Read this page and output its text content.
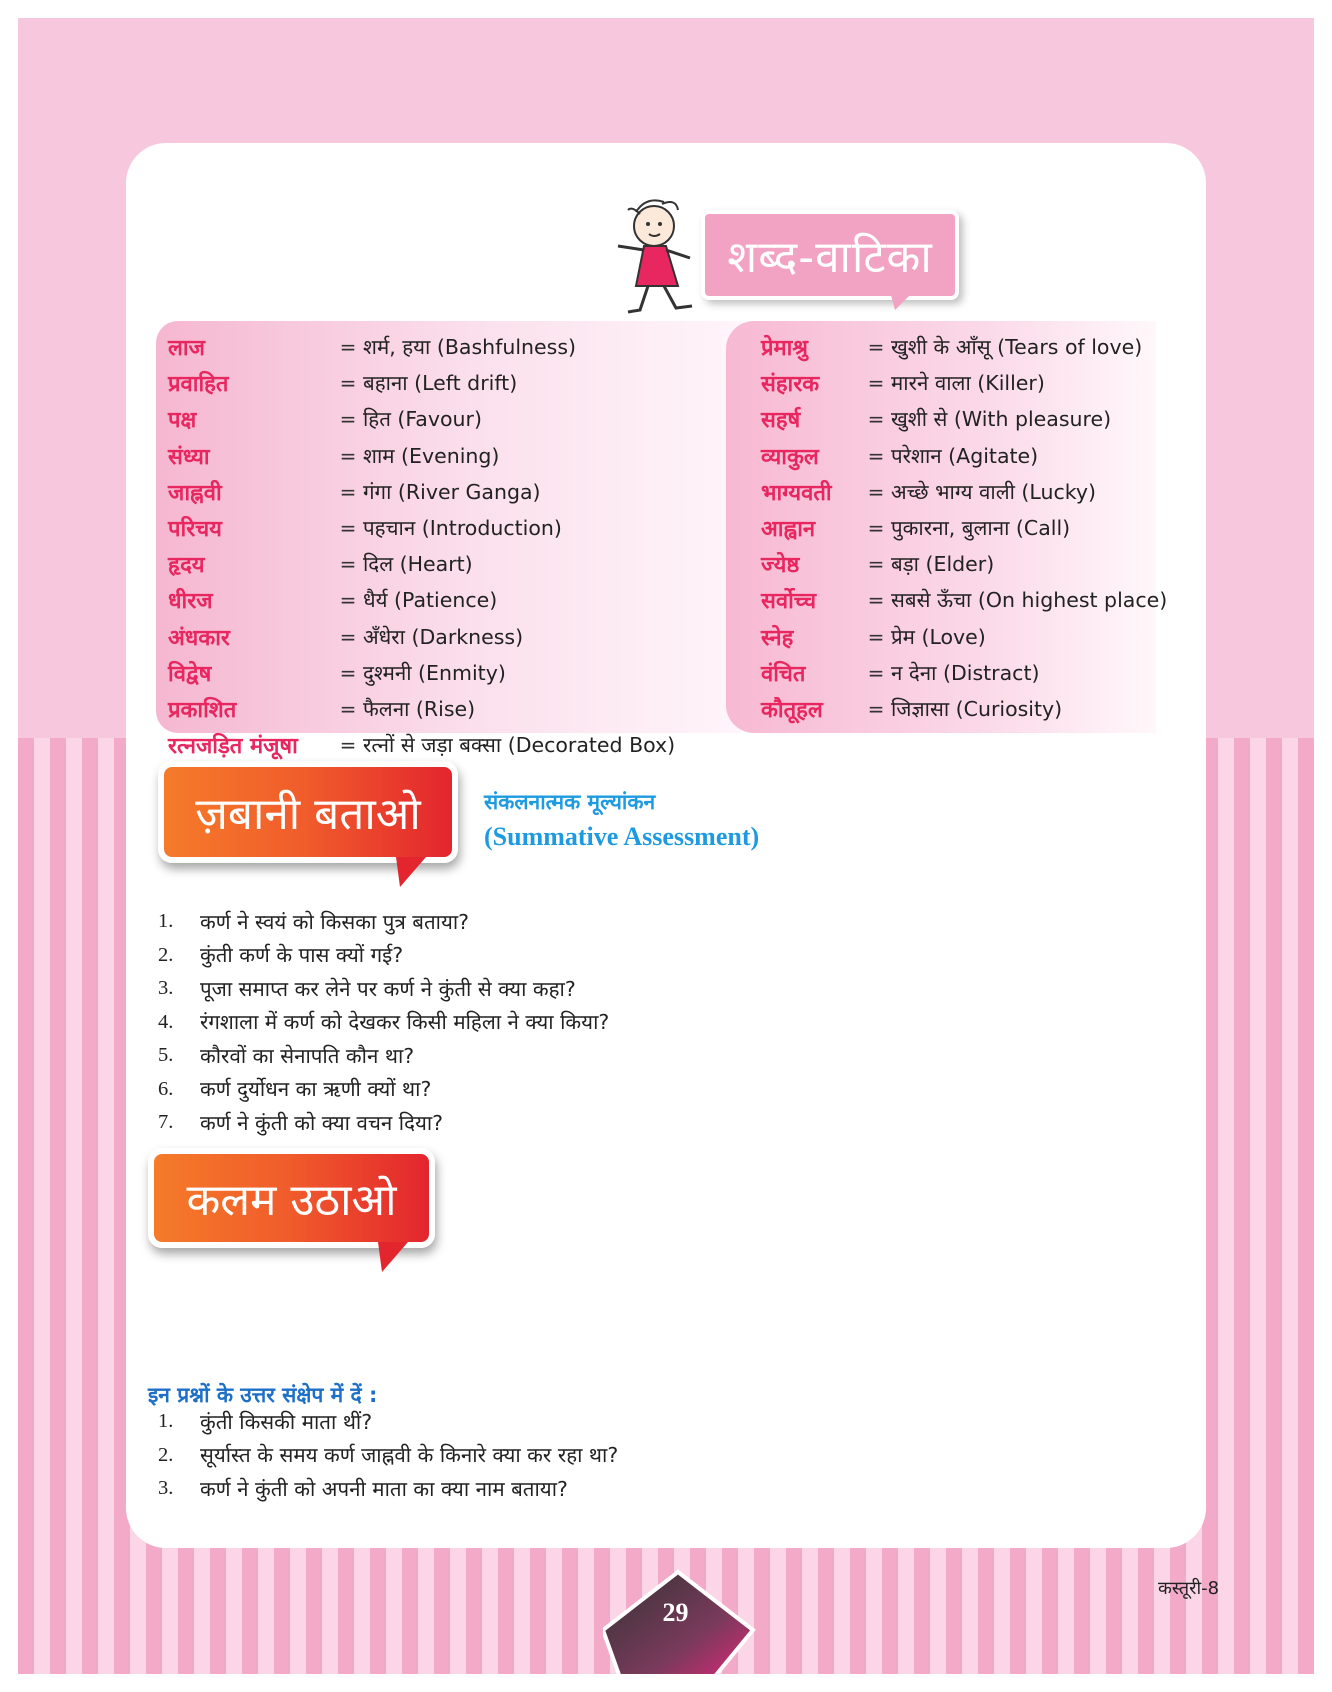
शब्द-वाटिका
लाज	= शर्म, हया (Bashfulness)
प्रवाहित	= बहाना (Left drift)
पक्ष	= हित (Favour)
संध्या	= शाम (Evening)
जाह्नवी	= गंगा (River Ganga)
परिचय	= पहचान (Introduction)
हृदय	= दिल (Heart)
धीरज	= धैर्य (Patience)
अंधकार	= अँधेरा (Darkness)
विद्वेष	= दुश्मनी (Enmity)
प्रकाशित	= फैलना (Rise)
रत्नजड़ित मंजूषा	= रत्नों से जड़ा बक्सा (Decorated Box)
प्रेमाश्रु	= खुशी के आँसू (Tears of love)
संहारक	= मारने वाला (Killer)
सहर्ष	= खुशी से (With pleasure)
व्याकुल	= परेशान (Agitate)
भाग्यवती	= अच्छे भाग्य वाली (Lucky)
आह्वान	= पुकारना, बुलाना (Call)
ज्येष्ठ	= बड़ा (Elder)
सर्वोच्च	= सबसे ऊँचा (On highest place)
स्नेह	= प्रेम (Love)
वंचित	= न देना (Distract)
कौतूहल	= जिज्ञासा (Curiosity)
ज़बानी बताओ	संकलनात्मक मूल्यांकन
(Summative Assessment)
1.	कर्ण ने स्वयं को किसका पुत्र बताया?
2.	कुंती कर्ण के पास क्यों गई?
3.	पूजा समाप्त कर लेने पर कर्ण ने कुंती से क्या कहा?
4.	रंगशाला में कर्ण को देखकर किसी महिला ने क्या किया?
5.	कौरवों का सेनापति कौन था?
6.	कर्ण दुर्योधन का ऋणी क्यों था?
7.	कर्ण ने कुंती को क्या वचन दिया?
कलम उठाओ
इन प्रश्नों के उत्तर संक्षेप में दें :
1.	कुंती किसकी माता थीं?
2.	सूर्यास्त के समय कर्ण जाह्नवी के किनारे क्या कर रहा था?
3.	कर्ण ने कुंती को अपनी माता का क्या नाम बताया?
29
कस्तूरी-8
